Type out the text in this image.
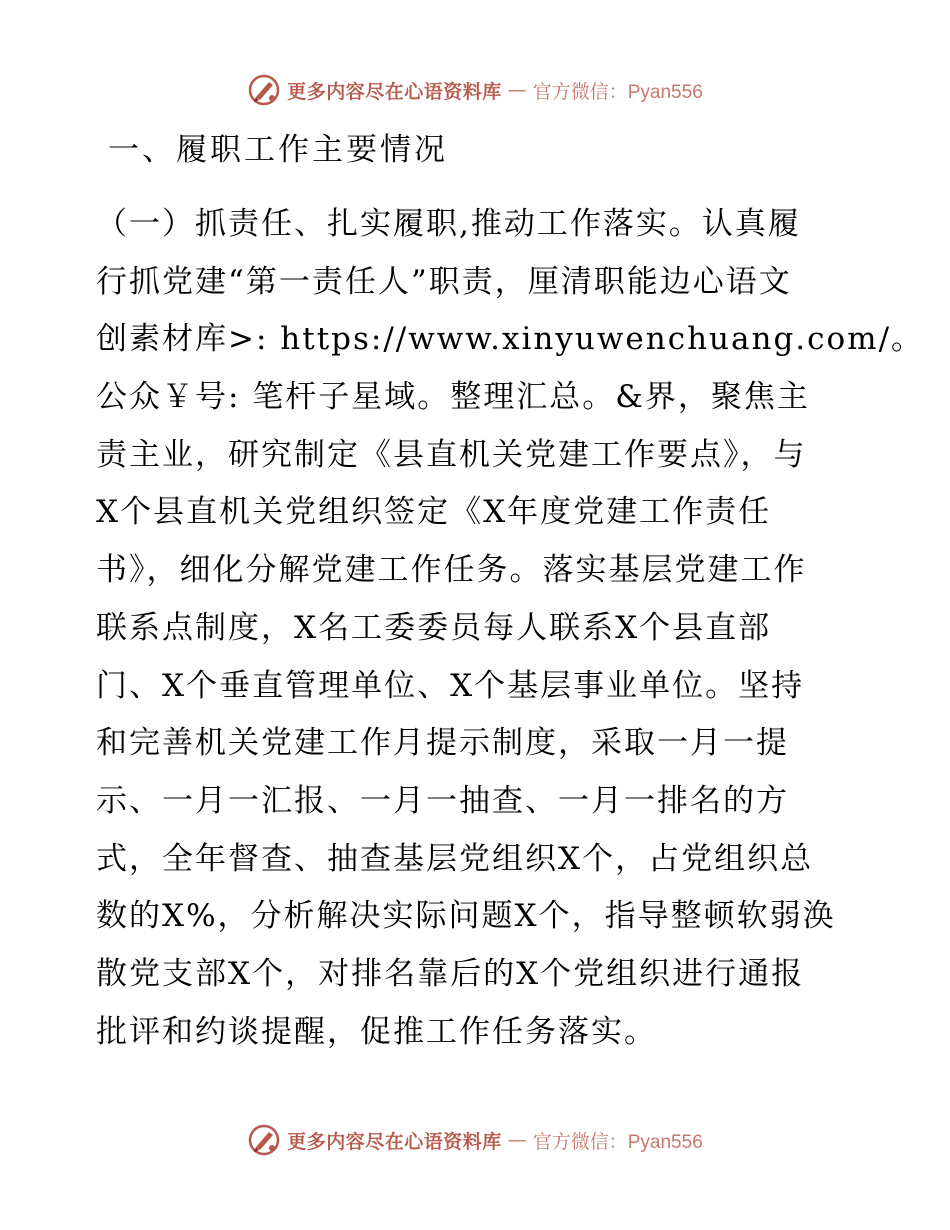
更多内容尽在心语资料库 — 官方微信：Pyan556
一、履职工作主要情况
（一）抓责任、扎实履职,推动工作落实。认真履
行抓党建“第一责任人”职责，厘清职能边心语文
创素材库>: https://www.xinyuwenchuang.com/。
公众￥号: 笔杆子星域。整理汇总。&界，聚焦主
责主业，研究制定《县直机关党建工作要点》，与
X个县直机关党组织签定《X年度党建工作责任
书》，细化分解党建工作任务。落实基层党建工作
联系点制度，X名工委委员每人联系X个县直部
门、X个垂直管理单位、X个基层事业单位。坚持
和完善机关党建工作月提示制度，采取一月一提
示、一月一汇报、一月一抽查、一月一排名的方
式，全年督查、抽查基层党组织X个，占党组织总
数的X%，分析解决实际问题X个，指导整顿软弱涣
散党支部X个，对排名靠后的X个党组织进行通报
批评和约谈提醒，促推工作任务落实。
更多内容尽在心语资料库 — 官方微信：Pyan556
